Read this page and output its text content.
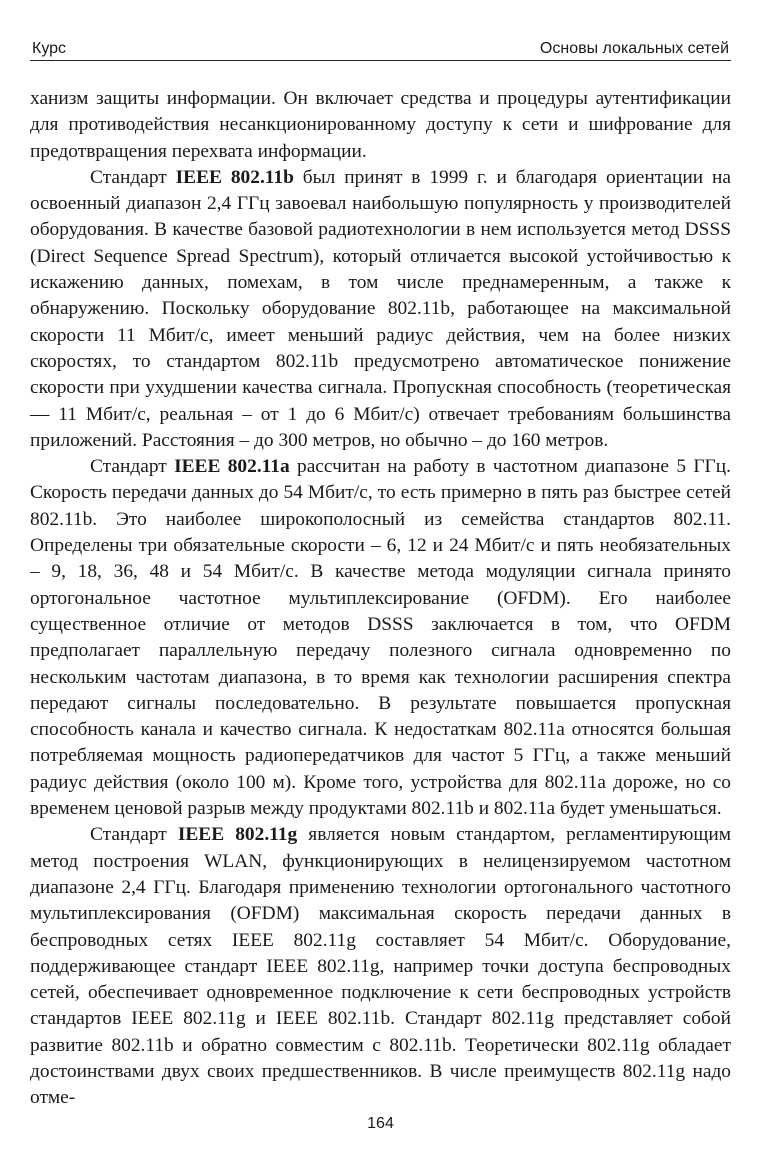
Курс	Основы локальных сетей

ханизм защиты информации. Он включает средства и процедуры аутентификации для противодействия несанкционированному доступу к сети и шифрование для предотвращения перехвата информации.

Стандарт IEEE 802.11b был принят в 1999 г. и благодаря ориентации на освоенный диапазон 2,4 ГГц завоевал наибольшую популярность у производителей оборудования. В качестве базовой радиотехнологии в нем используется метод DSSS (Direct Sequence Spread Spectrum), который отличается высокой устойчивостью к искажению данных, помехам, в том числе преднамеренным, а также к обнаружению. Поскольку оборудование 802.11b, работающее на максимальной скорости 11 Мбит/с, имеет меньший радиус действия, чем на более низких скоростях, то стандартом 802.11b предусмотрено автоматическое понижение скорости при ухудшении качества сигнала. Пропускная способность (теоретическая — 11 Мбит/с, реальная – от 1 до 6 Мбит/с) отвечает требованиям большинства приложений. Расстояния – до 300 метров, но обычно – до 160 метров.

Стандарт IEEE 802.11a рассчитан на работу в частотном диапазоне 5 ГГц. Скорость передачи данных до 54 Мбит/с, то есть примерно в пять раз быстрее сетей 802.11b. Это наиболее широкополосный из семейства стандартов 802.11. Определены три обязательные скорости – 6, 12 и 24 Мбит/с и пять необязательных – 9, 18, 36, 48 и 54 Мбит/с. В качестве метода модуляции сигнала принято ортогональное частотное мультиплексирование (OFDM). Его наиболее существенное отличие от методов DSSS заключается в том, что OFDM предполагает параллельную передачу полезного сигнала одновременно по нескольким частотам диапазона, в то время как технологии расширения спектра передают сигналы последовательно. В результате повышается пропускная способность канала и качество сигнала. К недостаткам 802.11a относятся большая потребляемая мощность радиопередатчиков для частот 5 ГГц, а также меньший радиус действия (около 100 м). Кроме того, устройства для 802.11a дороже, но со временем ценовой разрыв между продуктами 802.11b и 802.11a будет уменьшаться.

Стандарт IEEE 802.11g является новым стандартом, регламентирующим метод построения WLAN, функционирующих в нелицензируемом частотном диапазоне 2,4 ГГц. Благодаря применению технологии ортогонального частотного мультиплексирования (OFDM) максимальная скорость передачи данных в беспроводных сетях IEEE 802.11g составляет 54 Мбит/с. Оборудование, поддерживающее стандарт IEEE 802.11g, например точки доступа беспроводных сетей, обеспечивает одновременное подключение к сети беспроводных устройств стандартов IEEE 802.11g и IEEE 802.11b. Стандарт 802.11g представляет собой развитие 802.11b и обратно совместим с 802.11b. Теоретически 802.11g обладает достоинствами двух своих предшественников. В числе преимуществ 802.11g надо отме-

164
